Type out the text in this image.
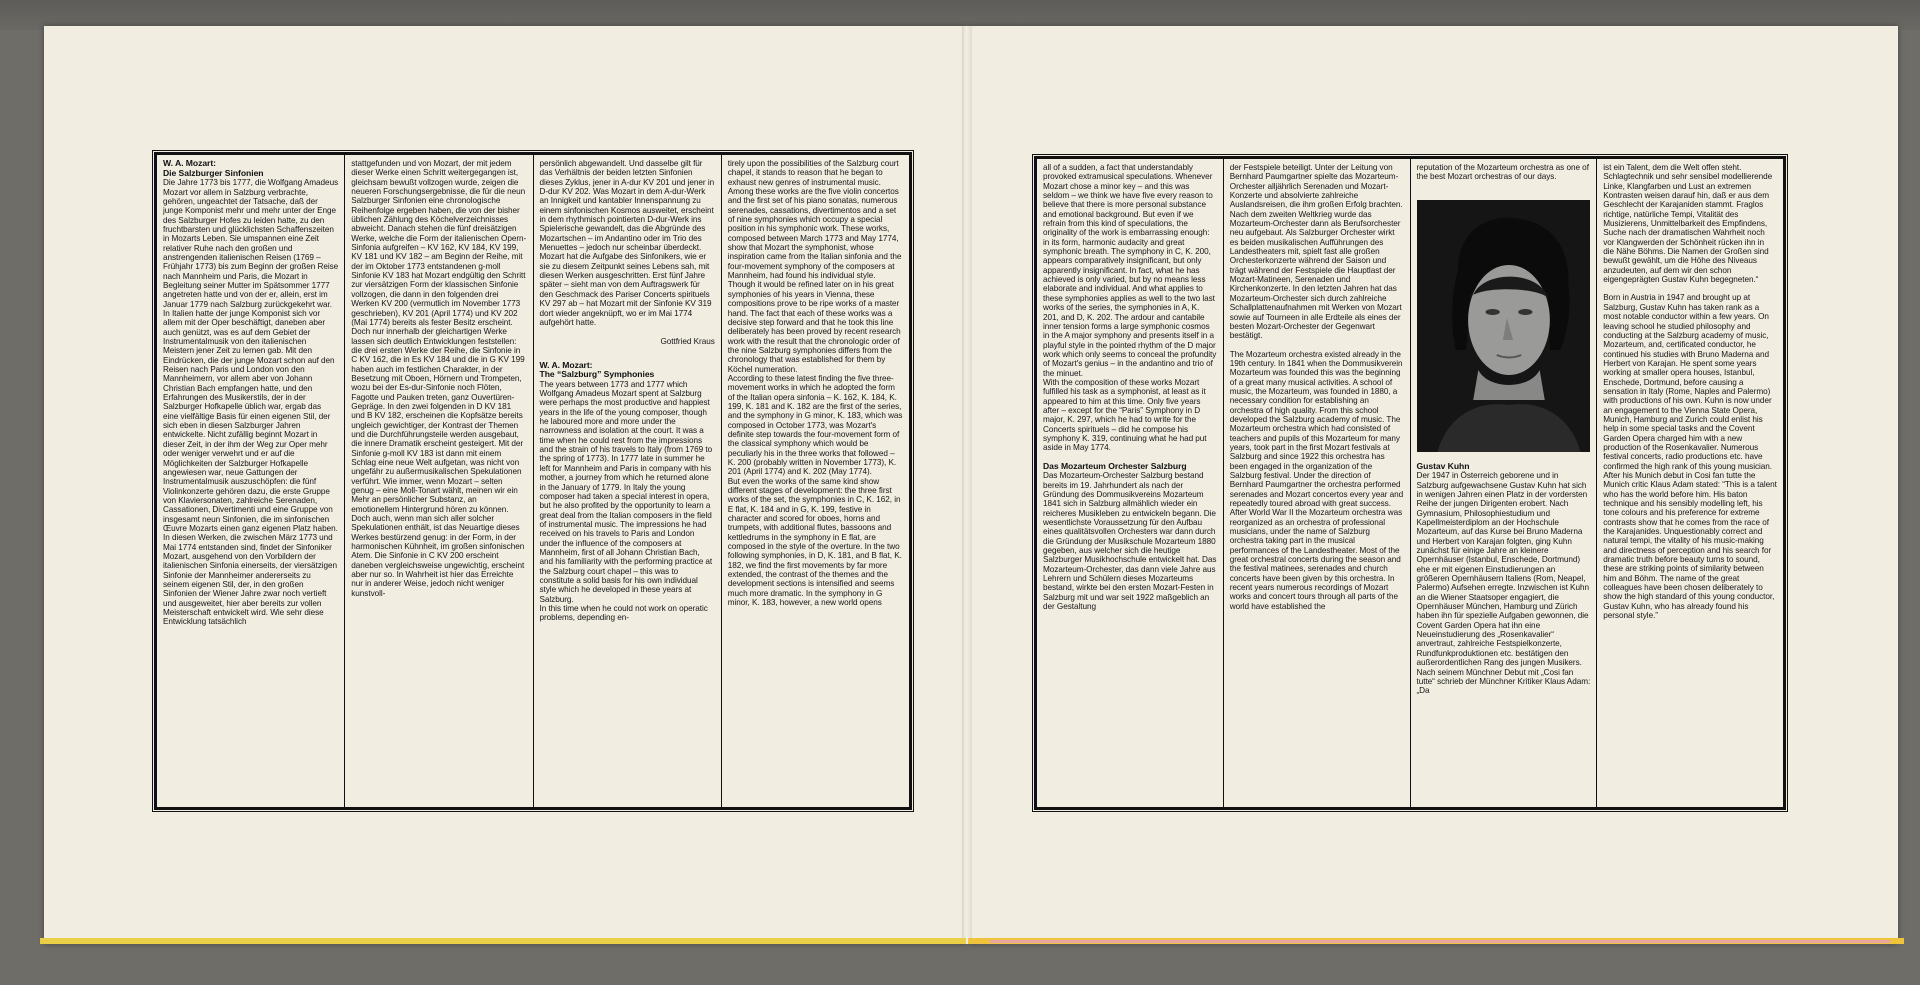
W. A. Mozart:
Die Salzburger Sinfonien

Die Jahre 1773 bis 1777, die Wolfgang Amadeus Mozart vor allem in Salzburg verbrachte, gehören, ungeachtet der Tatsache, daß der junge Komponist mehr und mehr unter der Enge des Salzburger Hofes zu leiden hatte, zu den fruchtbarsten und glücklichsten Schaffenszeiten in Mozarts Leben. Sie umspannen eine Zeit relativer Ruhe nach den großen und anstrengenden italienischen Reisen (1769 – Frühjahr 1773) bis zum Beginn der großen Reise nach Mannheim und Paris, die Mozart in Begleitung seiner Mutter im Spätsommer 1777 angetreten hatte und von der er, allein, erst im Januar 1779 nach Salzburg zurückgekehrt war. In Italien hatte der junge Komponist sich vor allem mit der Oper beschäftigt, daneben aber auch genützt, was es auf dem Gebiet der Instrumentalmusik von den italienischen Meistern jener Zeit zu lernen gab. Mit den Eindrücken, die der junge Mozart schon auf den Reisen nach Paris und London von den Mannheimern, vor allem aber von Johann Christian Bach empfangen hatte, und den Erfahrungen des Musikerstils, der in der Salzburger Hofkapelle üblich war, ergab das eine vielfältige Basis für einen eigenen Stil, der sich eben in diesen Salzburger Jahren entwickelte. Nicht zufällig beginnt Mozart in dieser Zeit, in der ihm der Weg zur Oper mehr oder weniger verwehrt und er auf die Möglichkeiten der Salzburger Hofkapelle angewiesen war, neue Gattungen der Instrumentalmusik auszuschöpfen: die fünf Violinkonzerte gehören dazu, die erste Gruppe von Klaviersonaten, zahlreiche Serenaden, Cassationen, Divertimenti und eine Gruppe von insgesamt neun Sinfonien, die im sinfonischen Œuvre Mozarts einen ganz eigenen Platz haben.

In diesen Werken, die zwischen März 1773 und Mai 1774 entstanden sind, findet der Sinfoniker Mozart, ausgehend von den Vorbildern der italienischen Sinfonia einerseits, der viersätzigen Sinfonie der Mannheimer andererseits zu seinem eigenen Stil, der, in den großen Sinfonien der Wiener Jahre zwar noch vertieft und ausgeweitet, hier aber bereits zur vollen Meisterschaft entwickelt wird. Wie sehr diese Entwicklung tatsächlich

stattgefunden und von Mozart, der mit jedem dieser Werke einen Schritt weitergegangen ist, gleichsam bewußt vollzogen wurde, zeigen die neueren Forschungsergebnisse, die für die neun Salzburger Sinfonien eine chronologische Reihenfolge ergeben haben, die von der bisher üblichen Zählung des Köchelverzeichnisses abweicht. Danach stehen die fünf dreisätzigen Werke, welche die Form der italienischen Opern-Sinfonia aufgreifen – KV 162, KV 184, KV 199, KV 181 und KV 182 – am Beginn der Reihe, mit der im Oktober 1773 entstandenen g-moll Sinfonie KV 183 hat Mozart endgültig den Schritt zur viersätzigen Form der klassischen Sinfonie vollzogen, die dann in den folgenden drei Werken KV 200 (vermutlich im November 1773 geschrieben), KV 201 (April 1774) und KV 202 (Mai 1774) bereits als fester Besitz erscheint.

Doch nur innerhalb der gleichartigen Werke lassen sich deutlich Entwicklungen feststellen: die drei ersten Werke der Reihe, die Sinfonie in C KV 162, die in Es KV 184 und die in G KV 199 haben auch im festlichen Charakter, in der Besetzung mit Oboen, Hörnern und Trompeten, wozu bei der Es-dur-Sinfonie noch Flöten, Fagotte und Pauken treten, ganz Ouvertüren-Gepräge. In den zwei folgenden in D KV 181 und B KV 182, erscheinen die Kopfsätze bereits ungleich gewichtiger, der Kontrast der Themen und die Durchführungsteile werden ausgebaut, die innere Dramatik erscheint gesteigert. Mit der Sinfonie g-moll KV 183 ist dann mit einem Schlag eine neue Welt aufgetan, was nicht von ungefähr zu außermusikalischen Spekulationen verführt. Wie immer, wenn Mozart – selten genug – eine Moll-Tonart wählt, meinen wir ein Mehr an persönlicher Substanz, an emotionellem Hintergrund hören zu können. Doch auch, wenn man sich aller solcher Spekulationen enthält, ist das Neuartige dieses Werkes bestürzend genug: in der Form, in der harmonischen Kühnheit, im großen sinfonischen Atem. Die Sinfonie in C KV 200 erscheint daneben vergleichsweise ungewichtig, erscheint aber nur so. In Wahrheit ist hier das Erreichte nur in anderer Weise, jedoch nicht weniger kunstvoll-

persönlich abgewandelt. Und dasselbe gilt für das Verhältnis der beiden letzten Sinfonien dieses Zyklus, jener in A-dur KV 201 und jener in D-dur KV 202. Was Mozart in dem A-dur-Werk an Innigkeit und kantabler Innenspannung zu einem sinfonischen Kosmos ausweitet, erscheint in dem rhythmisch pointierten D-dur-Werk ins Spielerische gewandelt, das die Abgründe des Mozartschen – im Andantino oder im Trio des Menuettes – jedoch nur scheinbar überdeckt.

Mozart hat die Aufgabe des Sinfonikers, wie er sie zu diesem Zeitpunkt seines Lebens sah, mit diesen Werken ausgeschritten. Erst fünf Jahre später – sieht man von dem Auftragswerk für den Geschmack des Pariser Concerts spirituels KV 297 ab – hat Mozart mit der Sinfonie KV 319 dort wieder angeknüpft, wo er im Mai 1774 aufgehört hatte.

Gottfried Kraus

W. A. Mozart:
The “Salzburg” Symphonies

The years between 1773 and 1777 which Wolfgang Amadeus Mozart spent at Salzburg were perhaps the most productive and happiest years in the life of the young composer, though he laboured more and more under the narrowness and isolation at the court. It was a time when he could rest from the impressions and the strain of his travels to Italy (from 1769 to the spring of 1773). In 1777 late in summer he left for Mannheim and Paris in company with his mother, a journey from which he returned alone in the January of 1779. In Italy the young composer had taken a special interest in opera, but he also profited by the opportunity to learn a great deal from the Italian composers in the field of instrumental music. The impressions he had received on his travels to Paris and London under the influence of the composers at Mannheim, first of all Johann Christian Bach, and his familiarity with the performing practice at the Salzburg court chapel – this was to constitute a solid basis for his own individual style which he developed in these years at Salzburg.

In this time when he could not work on operatic problems, depending en-

tirely upon the possibilities of the Salzburg court chapel, it stands to reason that he began to exhaust new genres of instrumental music. Among these works are the five violin concertos and the first set of his piano sonatas, numerous serenades, cassations, divertimentos and a set of nine symphonies which occupy a special position in his symphonic work. These works, composed between March 1773 and May 1774, show that Mozart the symphonist, whose inspiration came from the Italian sinfonia and the four-movement symphony of the composers at Mannheim, had found his individual style. Though it would be refined later on in his great symphonies of his years in Vienna, these compositions prove to be ripe works of a master hand. The fact that each of these works was a decisive step forward and that he took this line deliberately has been proved by recent research work with the result that the chronologic order of the nine Salzburg symphonies differs from the chronology that was established for them by Köchel numeration.

According to these latest finding the five three-movement works in which he adopted the form of the Italian opera sinfonia – K. 162, K. 184, K. 199, K. 181 and K. 182 are the first of the series, and the symphony in G minor, K. 183, which was composed in October 1773, was Mozart's definite step towards the four-movement form of the classical symphony which would be peculiarly his in the three works that followed – K. 200 (probably written in November 1773), K. 201 (April 1774) and K. 202 (May 1774).

But even the works of the same kind show different stages of development: the three first works of the set, the symphonies in C, K. 162, in E flat, K. 184 and in G, K. 199, festive in character and scored for oboes, horns and trumpets, with additional flutes, bassoons and kettledrums in the symphony in E flat, are composed in the style of the overture. In the two following symphonies, in D, K. 181, and B flat, K. 182, we find the first movements by far more extended, the contrast of the themes and the development sections is intensified and seems much more dramatic. In the symphony in G minor, K. 183, however, a new world opens

all of a sudden, a fact that understandably provoked extramusical speculations. Whenever Mozart chose a minor key – and this was seldom – we think we have five every reason to believe that there is more personal substance and emotional background. But even if we refrain from this kind of speculations, the originality of the work is embarrassing enough: in its form, harmonic audacity and great symphonic breath. The symphony in C, K. 200, appears comparatively insignificant, but only apparently insignificant. In fact, what he has achieved is only varied, but by no means less elaborate and individual. And what applies to these symphonies applies as well to the two last works of the series, the symphonies in A, K. 201, and D, K. 202. The ardour and cantabile inner tension forms a large symphonic cosmos in the A major symphony and presents itself in a playful style in the pointed rhythm of the D major work which only seems to conceal the profundity of Mozart's genius – in the andantino and trio of the minuet.

With the composition of these works Mozart fulfilled his task as a symphonist, at least as it appeared to him at this time. Only five years after – except for the “Paris” Symphony in D major, K. 297, which he had to write for the Concerts spirituels – did he compose his symphony K. 319, continuing what he had put aside in May 1774.

Das Mozarteum Orchester Salzburg

Das Mozarteum-Orchester Salzburg bestand bereits im 19. Jahrhundert als nach der Gründung des Dommusikvereins Mozarteum 1841 sich in Salzburg allmählich wieder ein reicheres Musikleben zu entwickeln begann. Die wesentlichste Voraussetzung für den Aufbau eines qualitätsvollen Orchesters war dann durch die Gründung der Musikschule Mozarteum 1880 gegeben, aus welcher sich die heutige Salzburger Musikhochschule entwickelt hat. Das Mozarteum-Orchester, das dann viele Jahre aus Lehrern und Schülern dieses Mozarteums bestand, wirkte bei den ersten Mozart-Festen in Salzburg mit und war seit 1922 maßgeblich an der Gestaltung

der Festspiele beteiligt. Unter der Leitung von Bernhard Paumgartner spielte das Mozarteum-Orchester alljährlich Serenaden und Mozart-Konzerte und absolvierte zahlreiche Auslandsreisen, die ihm großen Erfolg brachten. Nach dem zweiten Weltkrieg wurde das Mozarteum-Orchester dann als Berufsorchester neu aufgebaut. Als Salzburger Orchester wirkt es beiden musikalischen Aufführungen des Landestheaters mit, spielt fast alle großen Orchesterkonzerte während der Saison und trägt während der Festspiele die Hauptlast der Mozart-Matineen, Serenaden und Kirchenkonzerte. In den letzten Jahren hat das Mozarteum-Orchester sich durch zahlreiche Schallplattenaufnahmen mit Werken von Mozart sowie auf Tourneen in alle Erdteile als eines der besten Mozart-Orchester der Gegenwart bestätigt.

The Mozarteum orchestra existed already in the 19th century. In 1841 when the Dommusikverein Mozarteum was founded this was the beginning of a great many musical activities. A school of music, the Mozarteum, was founded in 1880, a necessary condition for establishing an orchestra of high quality. From this school developed the Salzburg academy of music. The Mozarteum orchestra which had consisted of teachers and pupils of this Mozarteum for many years, took part in the first Mozart festivals at Salzburg and since 1922 this orchestra has been engaged in the organization of the Salzburg festival. Under the direction of Bernhard Paumgartner the orchestra performed serenades and Mozart concertos every year and repeatedly toured abroad with great success. After World War II the Mozarteum orchestra was reorganized as an orchestra of professional musicians, under the name of Salzburg orchestra taking part in the musical performances of the Landestheater. Most of the great orchestral concerts during the season and the festival matinees, serenades and church concerts have been given by this orchestra. In recent years numerous recordings of Mozart works and concert tours through all parts of the world have established the

reputation of the Mozarteum orchestra as one of the best Mozart orchestras of our days.

Gustav Kuhn

Der 1947 in Österreich geborene und in Salzburg aufgewachsene Gustav Kuhn hat sich in wenigen Jahren einen Platz in der vordersten Reihe der jungen Dirigenten erobert. Nach Gymnasium, Philosophiestudium und Kapellmeisterdiplom an der Hochschule Mozarteum, auf das Kurse bei Bruno Maderna und Herbert von Karajan folgten, ging Kuhn zunächst für einige Jahre an kleinere Opernhäuser (Istanbul, Enschede, Dortmund) ehe er mit eigenen Einstudierungen an größeren Opernhäusern Italiens (Rom, Neapel, Palermo) Aufsehen erregte. Inzwischen ist Kuhn an die Wiener Staatsoper engagiert, die Opernhäuser München, Hamburg und Zürich haben ihn für spezielle Aufgaben gewonnen, die Covent Garden Opera hat ihn eine Neueinstudierung des „Rosenkavalier“ anvertraut, zahlreiche Festspielkonzerte, Rundfunkproduktionen etc. bestätigen den außerordentlichen Rang des jungen Musikers. Nach seinem Münchner Debut mit „Cosi fan tutte“ schrieb der Münchner Kritiker Klaus Adam: „Da

ist ein Talent, dem die Welt offen steht. Schlagtechnik und sehr sensibel modellierende Linke, Klangfarben und Lust an extremen Kontrasten weisen darauf hin, daß er aus dem Geschlecht der Karajaniden stammt. Fraglos richtige, natürliche Tempi, Vitalität des Musizierens, Unmittelbarkeit des Empfindens, Suche nach der dramatischen Wahrheit noch vor Klangwerden der Schönheit rücken ihn in die Nähe Böhms. Die Namen der Großen sind bewußt gewählt, um die Höhe des Niveaus anzudeuten, auf dem wir den schon eigengeprägten Gustav Kuhn begegneten.“

Born in Austria in 1947 and brought up at Salzburg, Gustav Kuhn has taken rank as a most notable conductor within a few years. On leaving school he studied philosophy and conducting at the Salzburg academy of music, Mozarteum, and, certificated conductor, he continued his studies with Bruno Maderna and Herbert von Karajan. He spent some years working at smaller opera houses, Istanbul, Enschede, Dortmund, before causing a sensation in Italy (Rome, Naples and Palermo) with productions of his own. Kuhn is now under an engagement to the Vienna State Opera, Munich, Hamburg and Zurich could enlist his help in some special tasks and the Covent Garden Opera charged him with a new production of the Rosenkavalier. Numerous festival concerts, radio productions etc. have confirmed the high rank of this young musician. After his Munich debut in Cosi fan tutte the Munich critic Klaus Adam stated: “This is a talent who has the world before him. His baton technique and his sensibly modelling left, his tone colours and his preference for extreme contrasts show that he comes from the race of the Karajanides. Unquestionably correct and natural tempi, the vitality of his music-making and directness of perception and his search for dramatic truth before beauty turns to sound, these are striking points of similarity between him and Böhm. The name of the great colleagues have been chosen deliberately to show the high standard of this young conductor, Gustav Kuhn, who has already found his personal style.”
